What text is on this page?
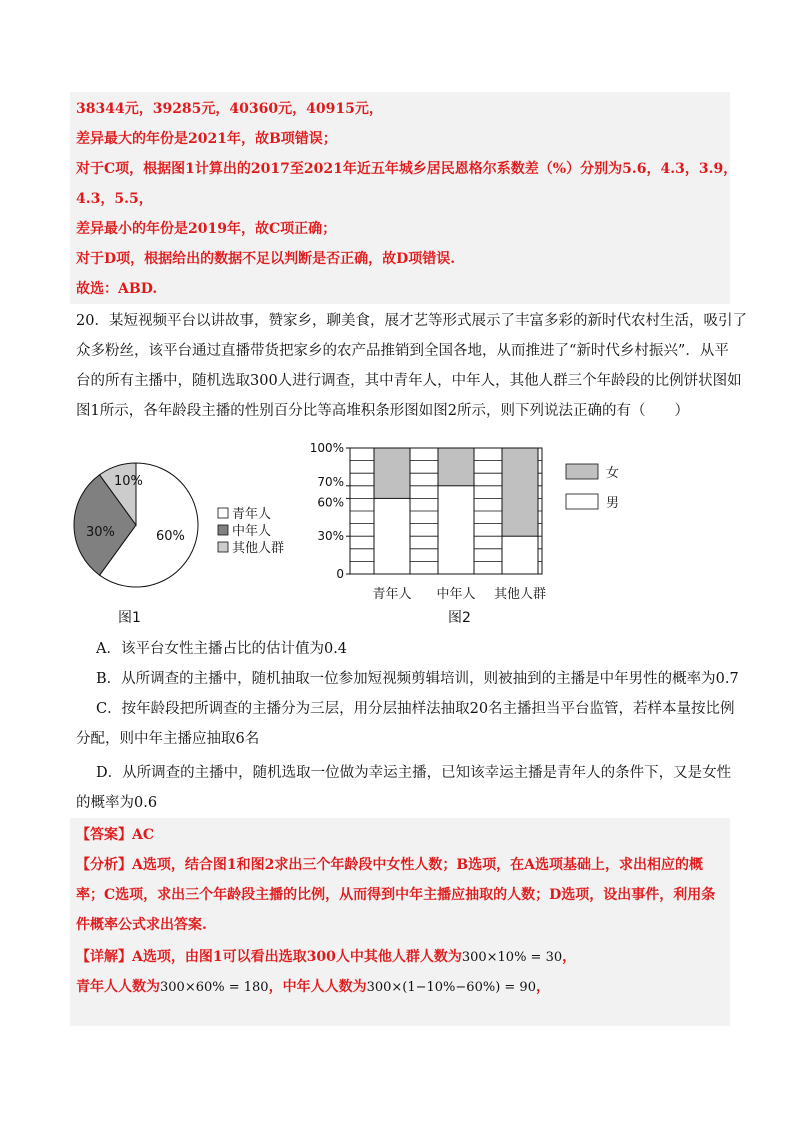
38344元，39285元，40360元，40915元，
差异最大的年份是2021年，故B项错误；
对于C项，根据图1计算出的2017至2021年近五年城乡居民恩格尔系数差（%）分别为5.6，4.3，3.9，
4.3，5.5，
差异最小的年份是2019年，故C项正确；
对于D项，根据给出的数据不足以判断是否正确，故D项错误.
故选：ABD.
20．某短视频平台以讲故事，赞家乡，聊美食，展才艺等形式展示了丰富多彩的新时代农村生活，吸引了
众多粉丝，该平台通过直播带货把家乡的农产品推销到全国各地，从而推进了“新时代乡村振兴”．从平
台的所有主播中，随机选取300人进行调查，其中青年人，中年人，其他人群三个年龄段的比例饼状图如
图1所示，各年龄段主播的性别百分比等高堆积条形图如图2所示，则下列说法正确的有（　　）
60%
30%
10%
青年人
中年人
其他人群
图1
0
30%
60%
70%
100%
青年人 中年人 其他人群
女
男
图2
A．该平台女性主播占比的估计值为0.4
B．从所调查的主播中，随机抽取一位参加短视频剪辑培训，则被抽到的主播是中年男性的概率为0.7
C．按年龄段把所调查的主播分为三层，用分层抽样法抽取20名主播担当平台监管，若样本量按比例
分配，则中年主播应抽取6名
D．从所调查的主播中，随机选取一位做为幸运主播，已知该幸运主播是青年人的条件下，又是女性
的概率为0.6
【答案】AC
【分析】A选项，结合图1和图2求出三个年龄段中女性人数；B选项，在A选项基础上，求出相应的概
率；C选项，求出三个年龄段主播的比例，从而得到中年主播应抽取的人数；D选项，设出事件，利用条
件概率公式求出答案.
【详解】A选项，由图1可以看出选取300人中其他人群人数为300×10% = 30，
青年人人数为300×60% = 180，中年人人数为300×(1−10%−60%) = 90，
